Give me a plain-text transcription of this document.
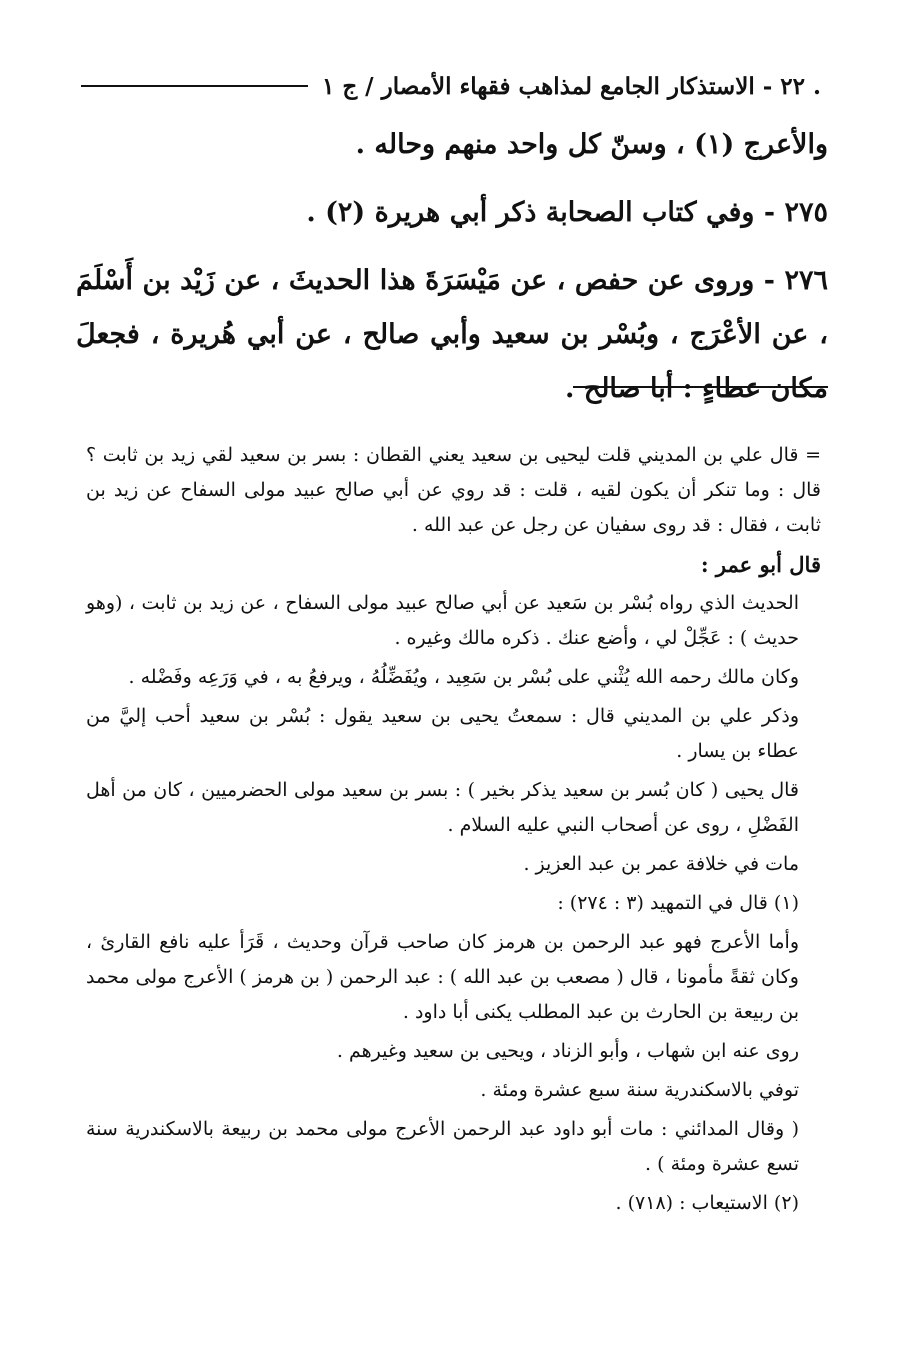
. ٢٢ - الاستذكار الجامع لمذاهب فقهاء الأمصار / ج ١

والأعرج (١) ، وسنّ كل واحد منهم وحاله .

٢٧٥ - وفي كتاب الصحابة ذكر أبي هريرة (٢) .

٢٧٦ - وروى عن حفص ، عن مَيْسَرَةَ هذا الحديثَ ، عن زَيْد بن أَسْلَمَ ، عن الأعْرَج ، وبُسْر بن سعيد وأبي صالح ، عن أبي هُريرة ، فجعلَ مكان عطاءٍ : أبا صالح .

= قال علي بن المديني قلت ليحيى بن سعيد يعني القطان : بسر بن سعيد لقي زيد بن ثابت ؟ قال : وما تنكر أن يكون لقيه ، قلت : قد روي عن أبي صالح عبيد مولى السفاح عن زيد بن ثابت ، فقال : قد روى سفيان عن رجل عن عبد الله .

قال أبو عمر :

الحديث الذي رواه بُسْر بن سَعيد عن أبي صالح عبيد مولى السفاح ، عن زيد بن ثابت ، (وهو حديث ) : عَجِّلْ لي ، وأضع عنك . ذكره مالك وغيره .

وكان مالك رحمه الله يُثْني على بُسْر بن سَعِيد ، ويُفَضِّلُهُ ، ويرفعُ به ، في وَرَعِه وفَضْله .

وذكر علي بن المديني قال : سمعتُ يحيى بن سعيد يقول : بُسْر بن سعيد أحب إليَّ من عطاء بن يسار .

قال يحيى ( كان بُسر بن سعيد يذكر بخير ) : بسر بن سعيد مولى الحضرميين ، كان من أهل الفَضْلِ ، روى عن أصحاب النبي عليه السلام .

مات في خلافة عمر بن عبد العزيز .

(١) قال في التمهيد (٣ : ٢٧٤) :

وأما الأعرج فهو عبد الرحمن بن هرمز كان صاحب قرآن وحديث ، قَرَأ عليه نافع القارئ ، وكان ثقةً مأمونا ، قال ( مصعب بن عبد الله ) : عبد الرحمن ( بن هرمز ) الأعرج مولى محمد بن ربيعة بن الحارث بن عبد المطلب يكنى أبا داود .

روى عنه ابن شهاب ، وأبو الزناد ، ويحيى بن سعيد وغيرهم .

توفي بالاسكندرية سنة سبع عشرة ومئة .

( وقال المدائني : مات أبو داود عبد الرحمن الأعرج مولى محمد بن ربيعة بالاسكندرية سنة تسع عشرة ومئة ) .

(٢) الاستيعاب : (٧١٨) .
